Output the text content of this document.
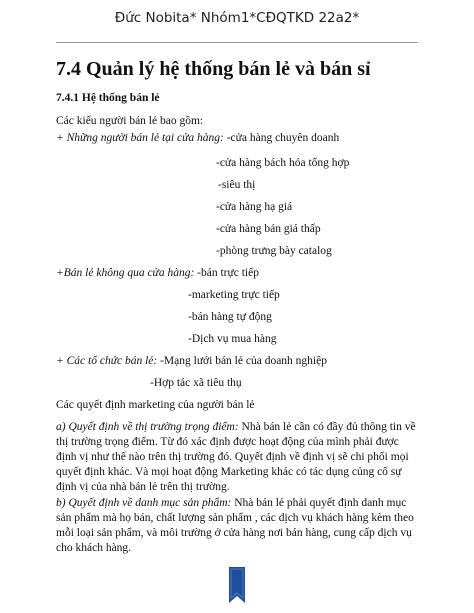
Đức Nobita* Nhóm1*CĐQTKD 22a2*
7.4 Quản lý hệ thống bán lẻ và bán sỉ
7.4.1 Hệ thống bán lẻ
Các kiểu người bán lẻ bao gồm:
+ Những người bán lẻ tại cửa hàng: -cửa hàng chuyên doanh
-cửa hàng bách hóa tổng hợp
-siêu thị
-cửa hàng hạ giá
-cửa hàng bán giá thấp
-phòng trưng bày catalog
+Bán lẻ không qua cửa hàng: -bán trực tiếp
-marketing trực tiếp
-bán hàng tự động
-Dịch vụ mua hàng
+ Các tổ chức bán lẻ: -Mạng lưới bán lẻ của doanh nghiệp
-Hợp tác xã tiêu thụ
Các quyết định marketing của người bán lẻ
a) Quyết định về thị trường trọng điểm: Nhà bán lẻ cần có đầy đủ thông tin về thị trường trọng điểm. Từ đó xác định được hoạt động của mình phải được định vị như thế nào trên thị trường đó. Quyết định về định vị sẽ chi phối mọi quyết định khác. Và mọi hoạt động Marketing khác có tác dụng củng cố sự định vị của nhà bán lẻ trên thị trường.
b) Quyết định về danh mục sản phẩm: Nhà bán lẻ phải quyết định danh mục sản phẩm mà họ bán, chất lượng sản phẩm , các dịch vụ khách hàng kèm theo mỗi loại sản phẩm, và môi trường ở cửa hàng nơi bán hàng, cung cấp dịch vụ cho khách hàng.
